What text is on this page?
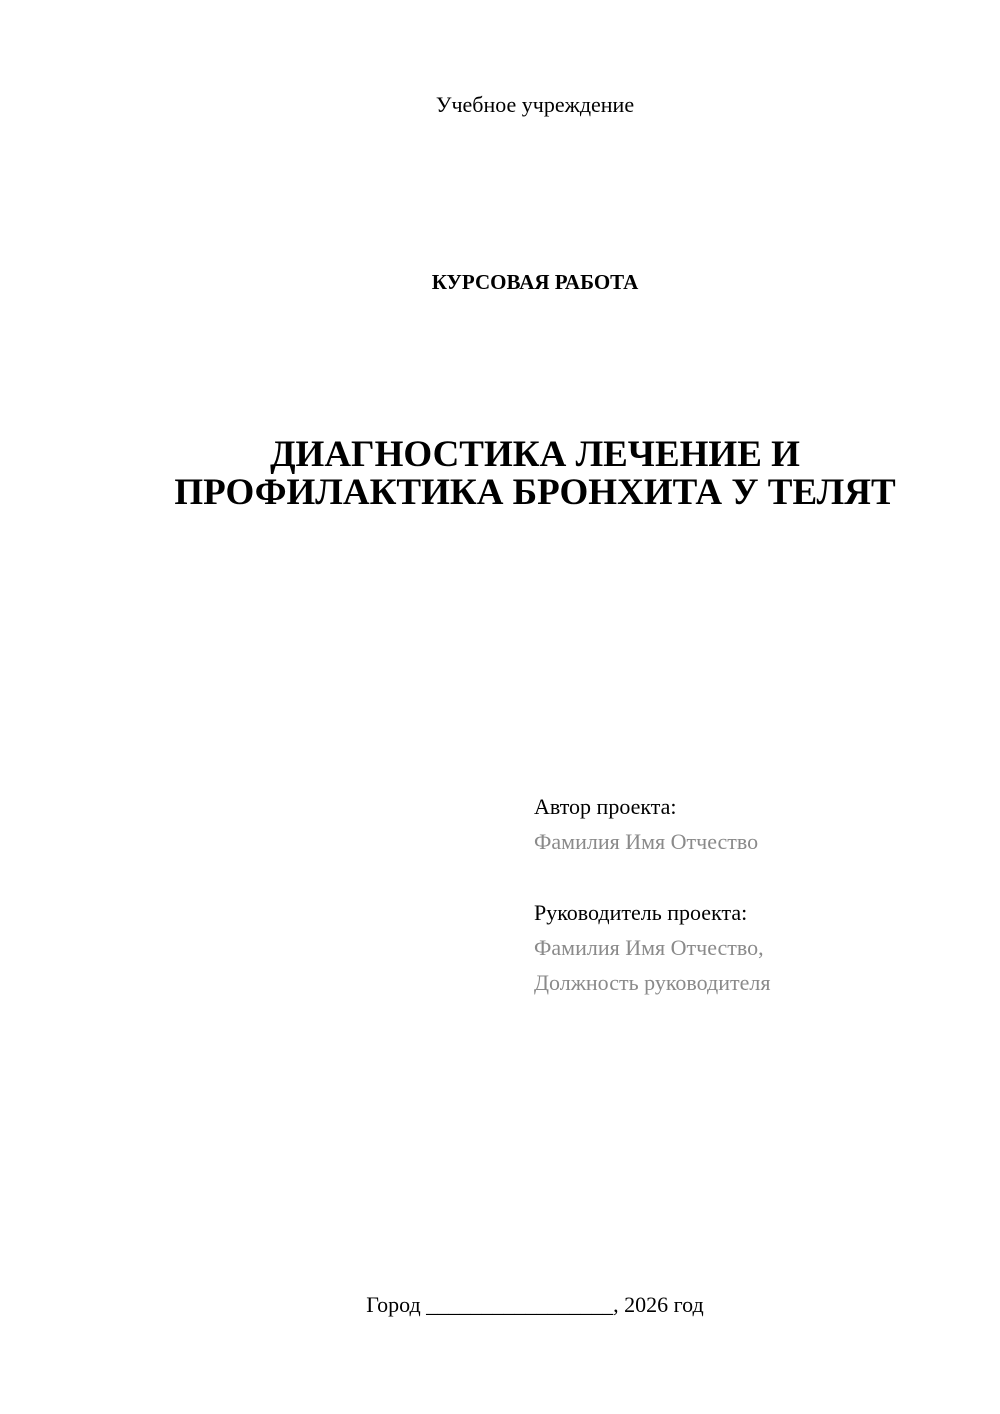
Учебное учреждение
КУРСОВАЯ РАБОТА
ДИАГНОСТИКА ЛЕЧЕНИЕ И
ПРОФИЛАКТИКА БРОНХИТА У ТЕЛЯТ
Автор проекта:
Фамилия Имя Отчество
Руководитель проекта:
Фамилия Имя Отчество,
Должность руководителя
Город _________________, 2026 год
